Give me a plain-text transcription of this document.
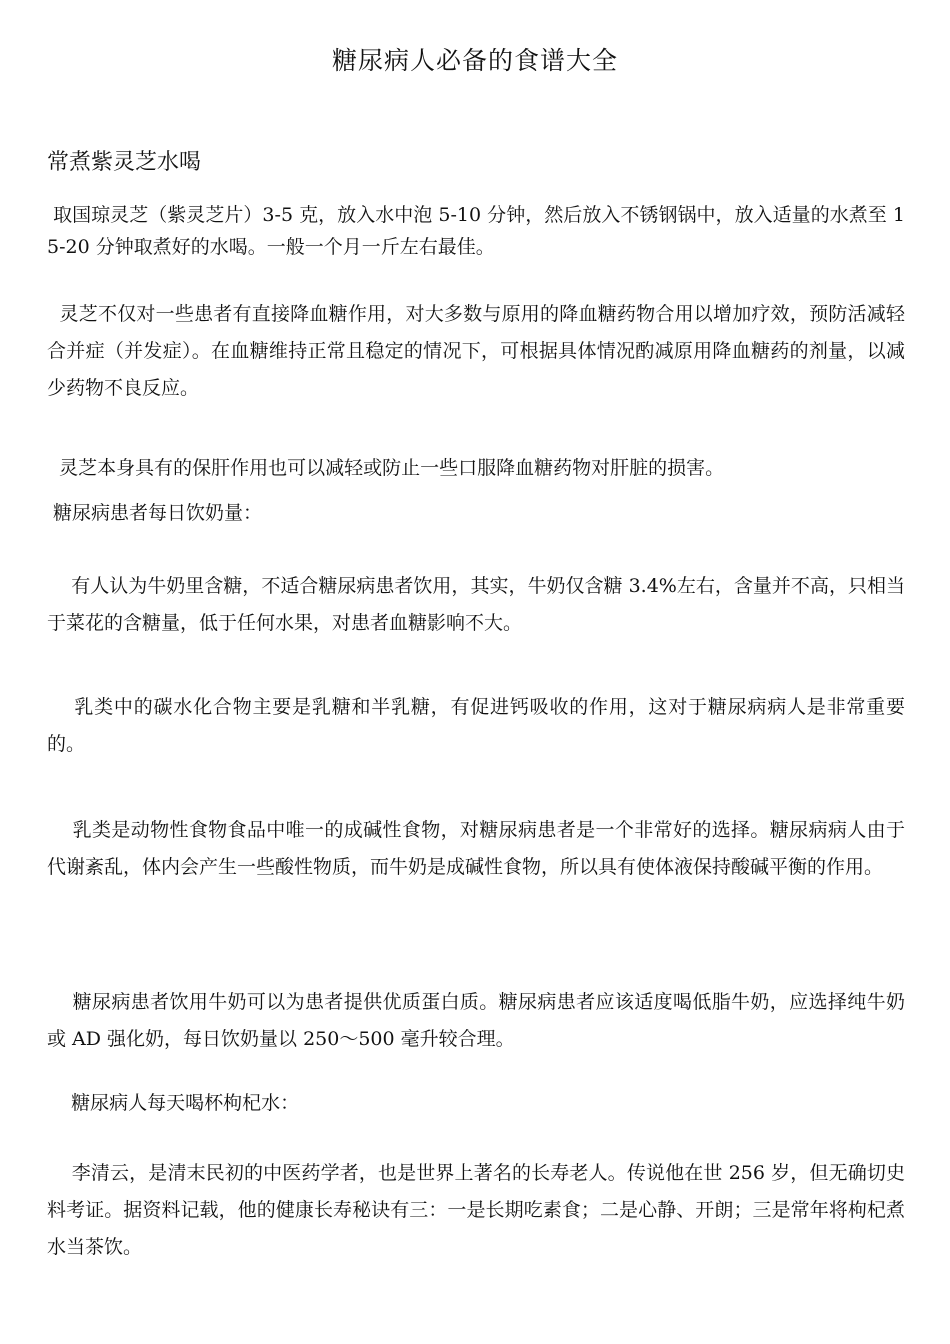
糖尿病人必备的食谱大全
常煮紫灵芝水喝
取国琼灵芝（紫灵芝片）3-5 克，放入水中泡 5-10 分钟，然后放入不锈钢锅中，放入适量的水煮至 15-20 分钟取煮好的水喝。一般一个月一斤左右最佳。
灵芝不仅对一些患者有直接降血糖作用，对大多数与原用的降血糖药物合用以增加疗效，预防活减轻合并症（并发症）。在血糖维持正常且稳定的情况下，可根据具体情况酌减原用降血糖药的剂量，以减少药物不良反应。
灵芝本身具有的保肝作用也可以减轻或防止一些口服降血糖药物对肝脏的损害。
糖尿病患者每日饮奶量：
有人认为牛奶里含糖，不适合糖尿病患者饮用，其实，牛奶仅含糖 3.4%左右，含量并不高，只相当于菜花的含糖量，低于任何水果，对患者血糖影响不大。
乳类中的碳水化合物主要是乳糖和半乳糖，有促进钙吸收的作用，这对于糖尿病病人是非常重要的。
乳类是动物性食物食品中唯一的成碱性食物，对糖尿病患者是一个非常好的选择。糖尿病病人由于代谢紊乱，体内会产生一些酸性物质，而牛奶是成碱性食物，所以具有使体液保持酸碱平衡的作用。
糖尿病患者饮用牛奶可以为患者提供优质蛋白质。糖尿病患者应该适度喝低脂牛奶，应选择纯牛奶或 AD 强化奶，每日饮奶量以 250～500 毫升较合理。
糖尿病人每天喝杯枸杞水：
李清云，是清末民初的中医药学者，也是世界上著名的长寿老人。传说他在世 256 岁，但无确切史料考证。据资料记载，他的健康长寿秘诀有三：一是长期吃素食；二是心静、开朗；三是常年将枸杞煮水当茶饮。
